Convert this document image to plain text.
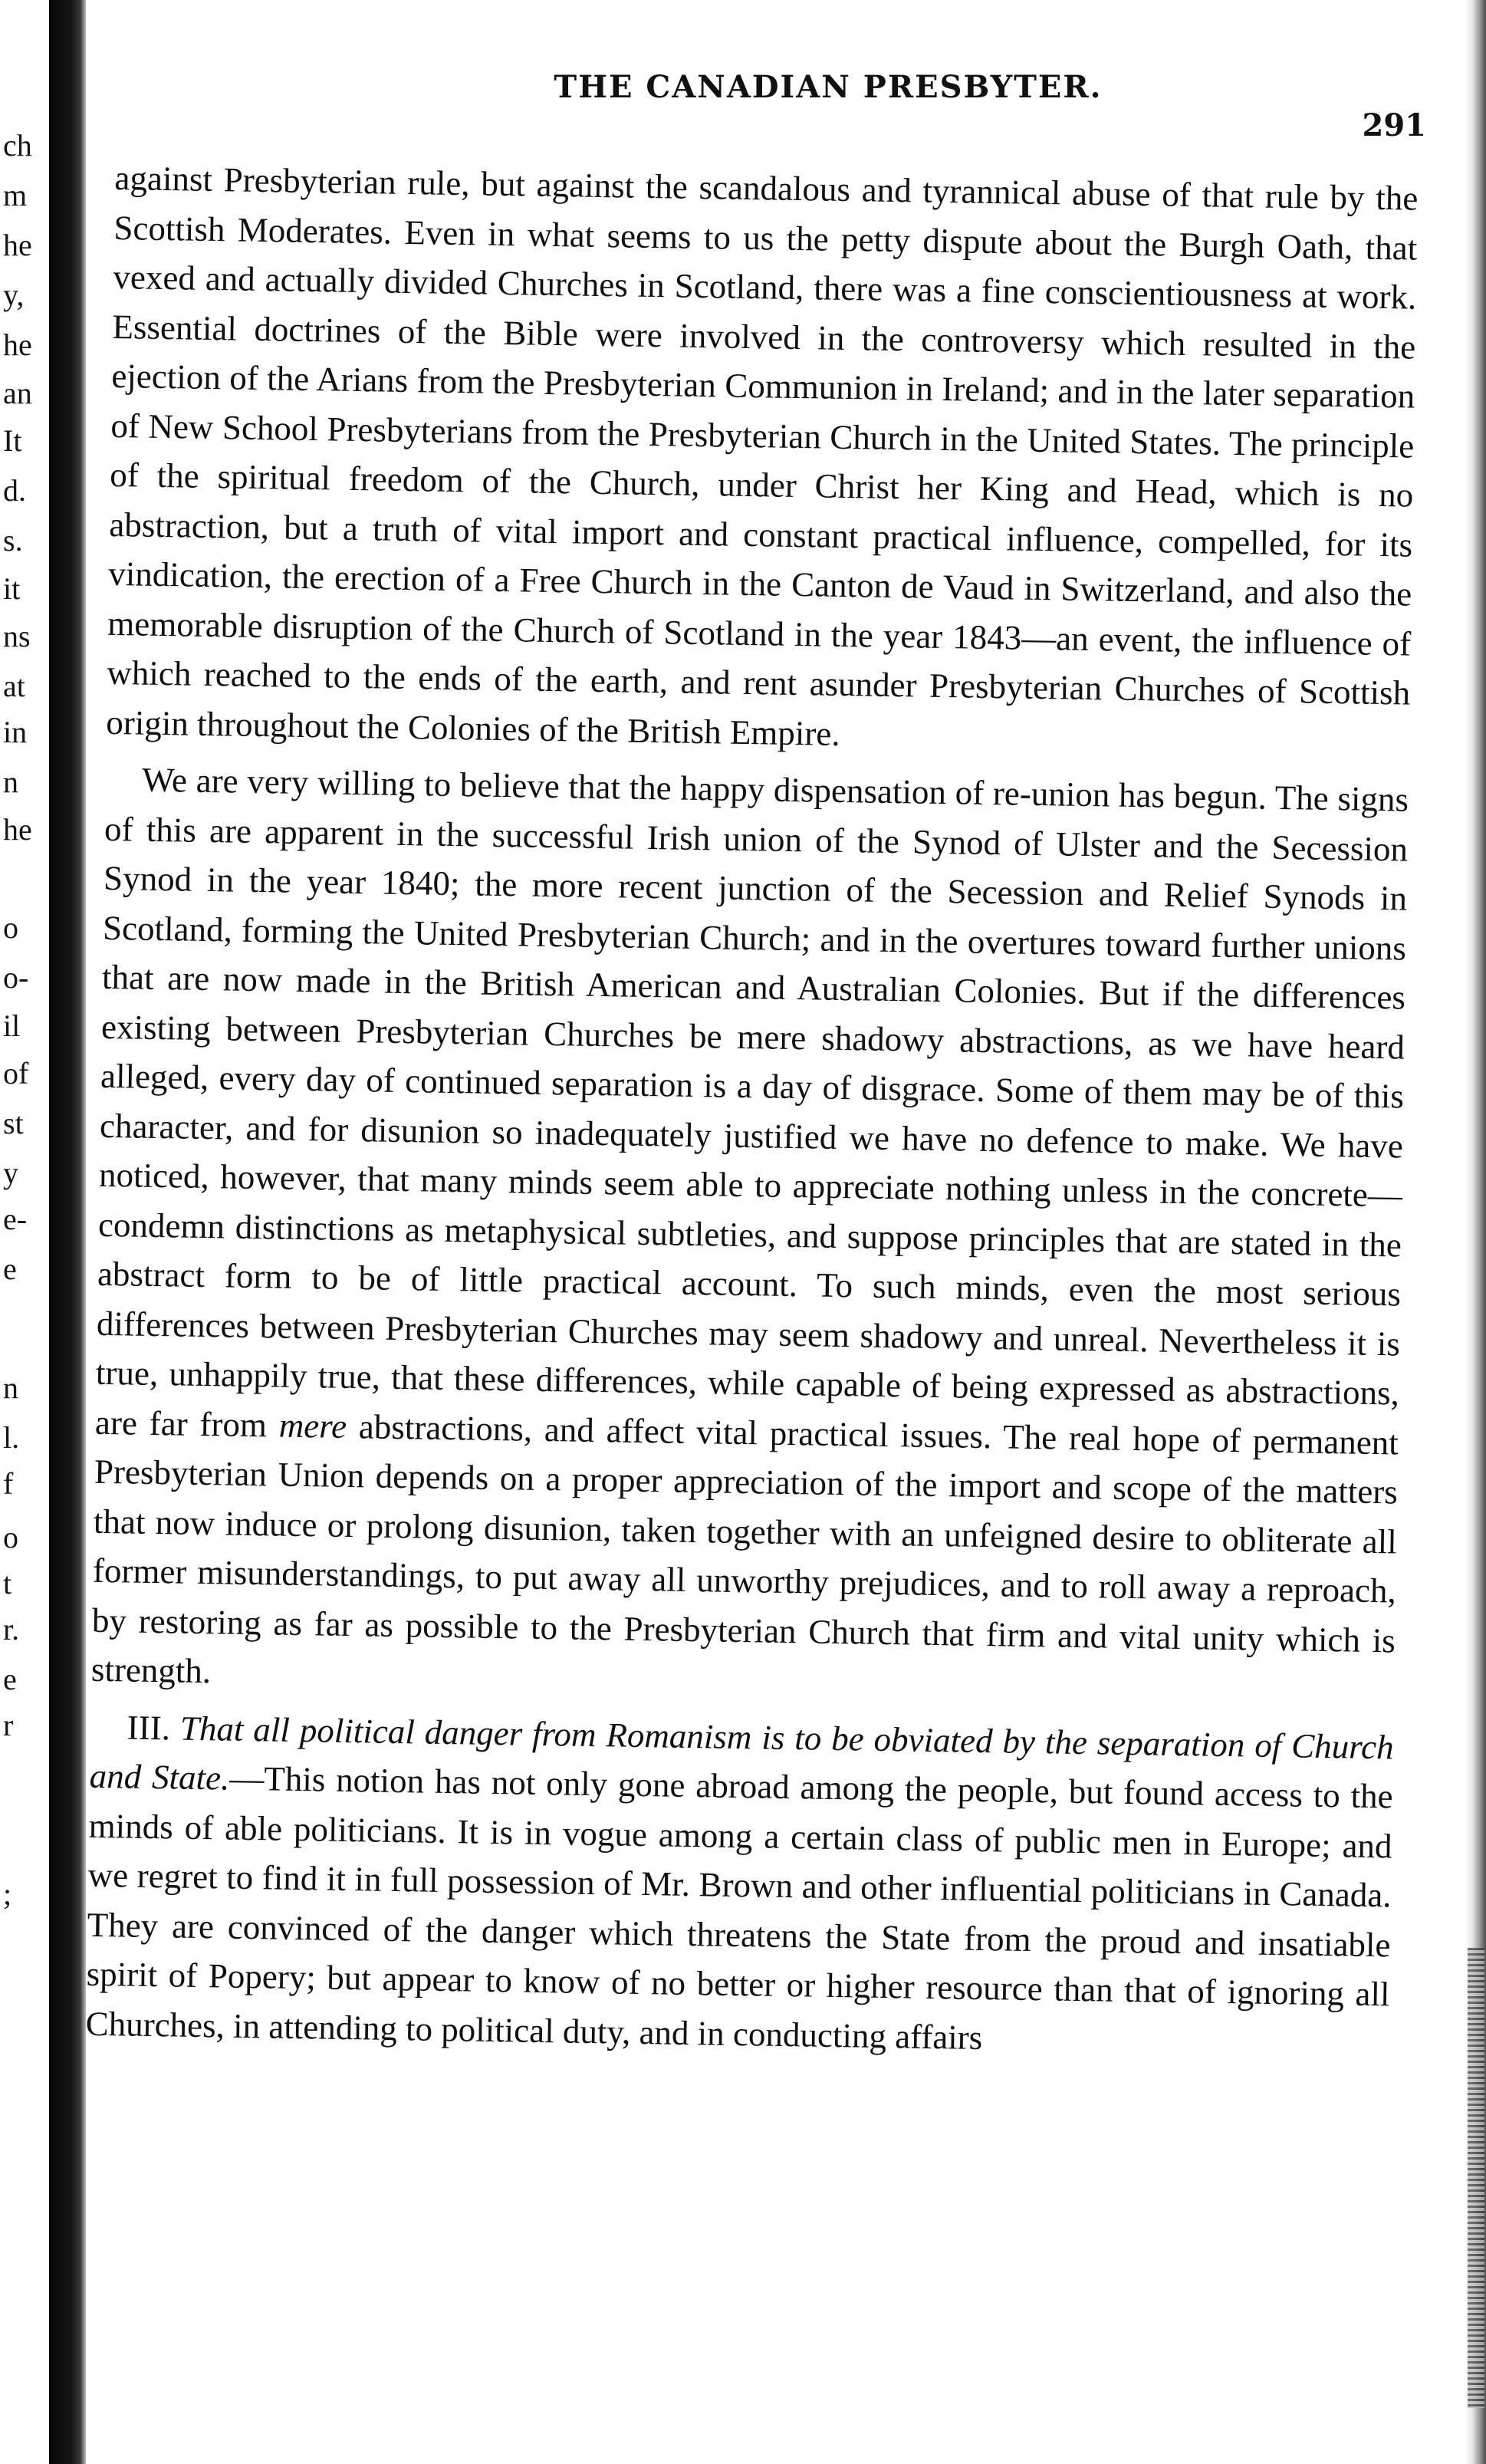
ch
m
he
y,
he
an
It
d.
s.
it
ns
at
in
n
he
o
o-
il
of
st
y
e-
e
n
l.
f
o
t
r.
e
r
;
THE CANADIAN PRESBYTER.
291

against Presbyterian rule, but against the scandalous and tyrannical abuse of that rule by the Scottish Moderates. Even in what seems to us the petty dispute about the Burgh Oath, that vexed and actually divided Churches in Scotland, there was a fine conscientiousness at work. Essential doctrines of the Bible were involved in the controversy which resulted in the ejection of the Arians from the Presbyterian Communion in Ireland; and in the later separation of New School Presbyterians from the Presbyterian Church in the United States. The principle of the spiritual freedom of the Church, under Christ her King and Head, which is no abstraction, but a truth of vital import and constant practical influence, compelled, for its vindication, the erection of a Free Church in the Canton de Vaud in Switzerland, and also the memorable disruption of the Church of Scotland in the year 1843—an event, the influence of which reached to the ends of the earth, and rent asunder Presbyterian Churches of Scottish origin throughout the Colonies of the British Empire.

We are very willing to believe that the happy dispensation of re-union has begun. The signs of this are apparent in the successful Irish union of the Synod of Ulster and the Secession Synod in the year 1840; the more recent junction of the Secession and Relief Synods in Scotland, forming the United Presbyterian Church; and in the overtures toward further unions that are now made in the British American and Australian Colonies. But if the differences existing between Presbyterian Churches be mere shadowy abstractions, as we have heard alleged, every day of continued separation is a day of disgrace. Some of them may be of this character, and for disunion so inadequately justified we have no defence to make. We have noticed, however, that many minds seem able to appreciate nothing unless in the concrete—condemn distinctions as metaphysical subtleties, and suppose principles that are stated in the abstract form to be of little practical account. To such minds, even the most serious differences between Presbyterian Churches may seem shadowy and unreal. Nevertheless it is true, unhappily true, that these differences, while capable of being expressed as abstractions, are far from mere abstractions, and affect vital practical issues. The real hope of permanent Presbyterian Union depends on a proper appreciation of the import and scope of the matters that now induce or prolong disunion, taken together with an unfeigned desire to obliterate all former misunderstandings, to put away all unworthy prejudices, and to roll away a reproach, by restoring as far as possible to the Presbyterian Church that firm and vital unity which is strength.

III. That all political danger from Romanism is to be obviated by the separation of Church and State.—This notion has not only gone abroad among the people, but found access to the minds of able politicians. It is in vogue among a certain class of public men in Europe; and we regret to find it in full possession of Mr. Brown and other influential politicians in Canada. They are convinced of the danger which threatens the State from the proud and insatiable spirit of Popery; but appear to know of no better or higher resource than that of ignoring all Churches, in attending to political duty, and in conducting affairs
